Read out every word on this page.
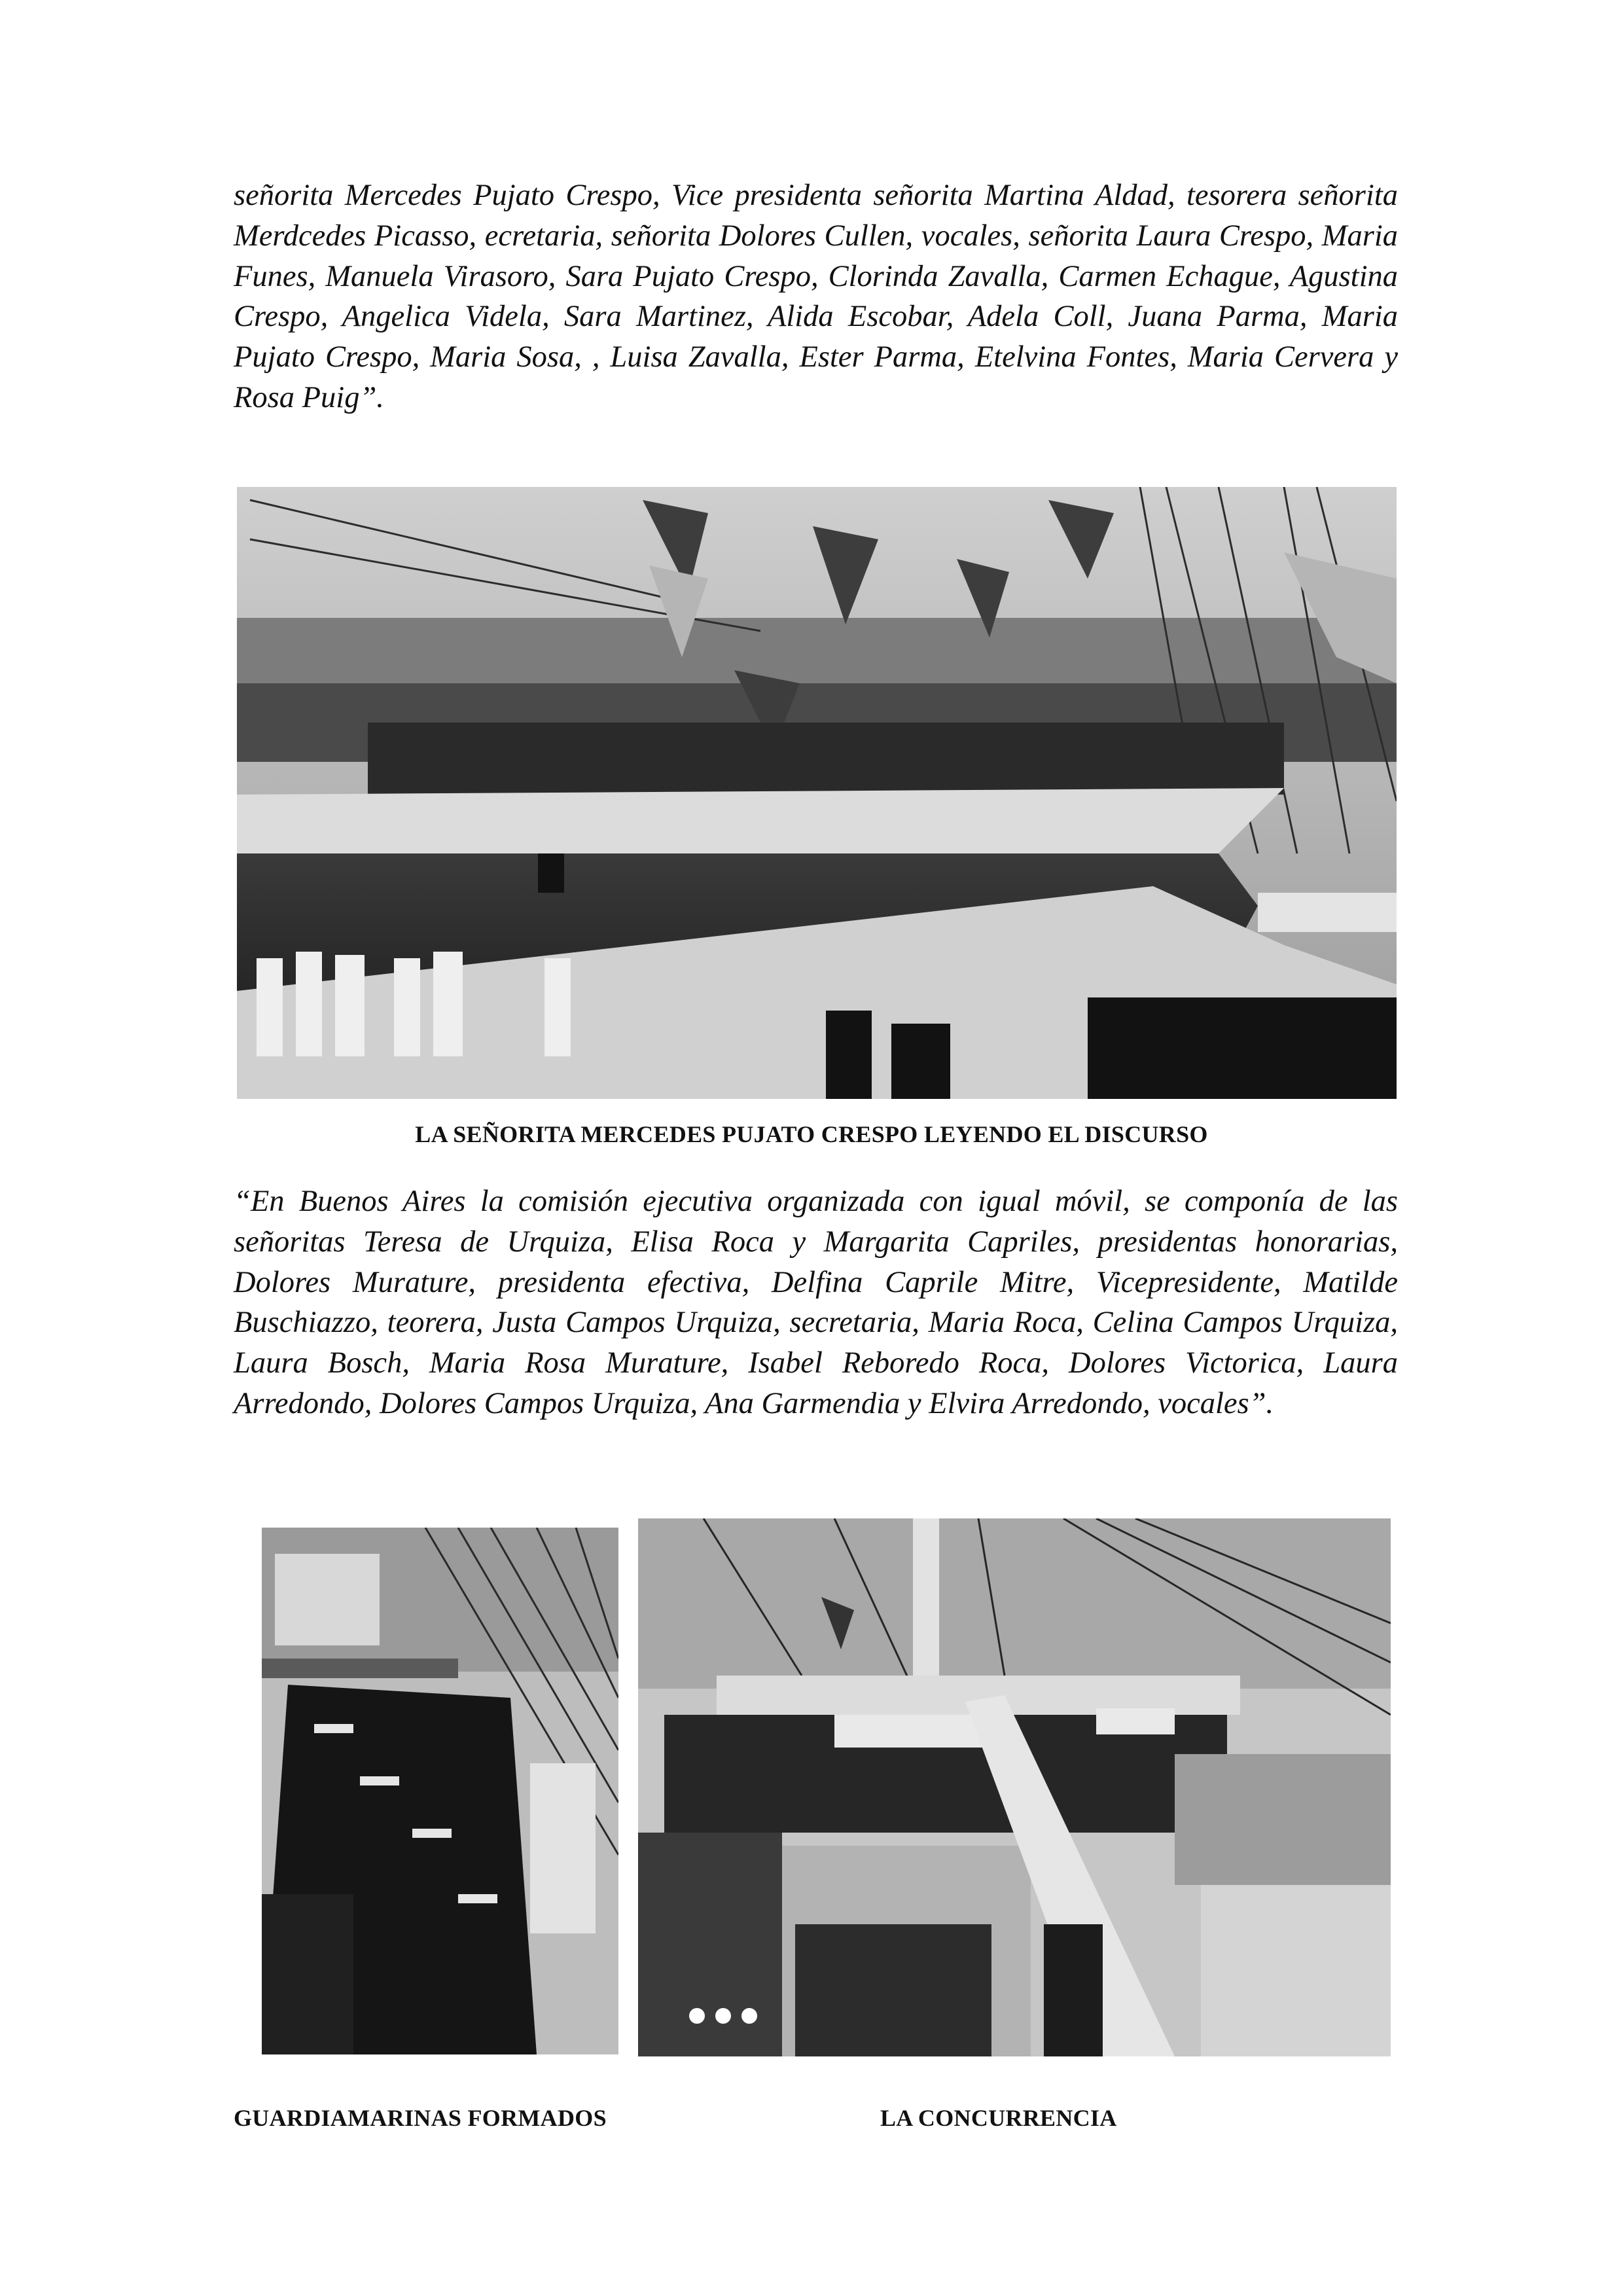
señorita Mercedes Pujato Crespo, Vice presidenta señorita Martina Aldad, tesorera señorita Merdcedes Picasso, ecretaria, señorita Dolores Cullen, vocales, señorita Laura Crespo, Maria Funes, Manuela Virasoro, Sara Pujato Crespo, Clorinda Zavalla, Carmen Echague, Agustina Crespo, Angelica Videla, Sara Martinez, Alida Escobar, Adela Coll, Juana Parma, Maria Pujato Crespo, Maria Sosa, , Luisa Zavalla, Ester Parma, Etelvina Fontes, Maria Cervera y Rosa Puig”.

LA SEÑORITA MERCEDES PUJATO CRESPO LEYENDO EL DISCURSO

“En Buenos Aires la comisión ejecutiva organizada con igual móvil, se componía de las señoritas Teresa de Urquiza, Elisa Roca y Margarita Capriles, presidentas honorarias, Dolores Murature, presidenta efectiva, Delfina Caprile Mitre, Vicepresidente, Matilde Buschiazzo, teorera, Justa Campos Urquiza, secretaria, Maria Roca, Celina Campos Urquiza, Laura Bosch, Maria Rosa Murature, Isabel Reboredo Roca, Dolores Victorica, Laura Arredondo, Dolores Campos Urquiza, Ana Garmendia y Elvira Arredondo, vocales”.

GUARDIAMARINAS FORMADOS	LA CONCURRENCIA
